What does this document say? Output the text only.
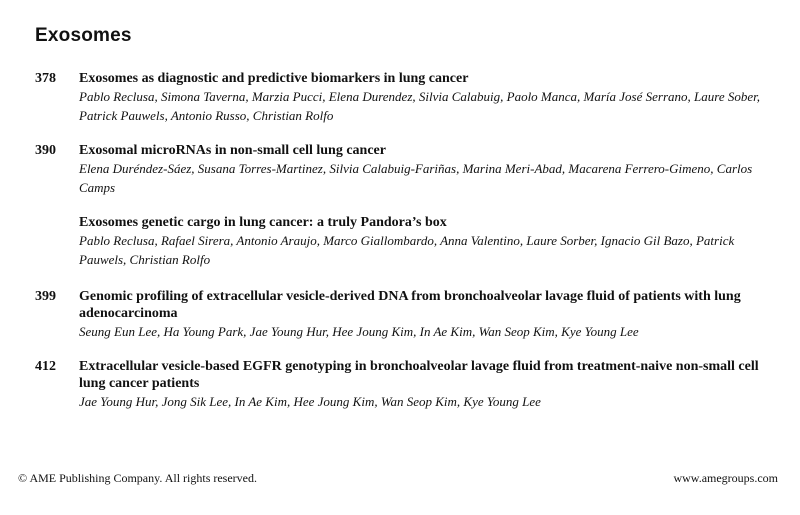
Exosomes
378	Exosomes as diagnostic and predictive biomarkers in lung cancer
Pablo Reclusa, Simona Taverna, Marzia Pucci, Elena Durendez, Silvia Calabuig, Paolo Manca, María José Serrano, Laure Sober, Patrick Pauwels, Antonio Russo, Christian Rolfo
390	Exosomal microRNAs in non-small cell lung cancer
Elena Duréndez-Sáez, Susana Torres-Martinez, Silvia Calabuig-Fariñas, Marina Meri-Abad, Macarena Ferrero-Gimeno, Carlos Camps
Exosomes genetic cargo in lung cancer: a truly Pandora’s box
Pablo Reclusa, Rafael Sirera, Antonio Araujo, Marco Giallombardo, Anna Valentino, Laure Sorber, Ignacio Gil Bazo, Patrick Pauwels, Christian Rolfo
399	Genomic profiling of extracellular vesicle-derived DNA from bronchoalveolar lavage fluid of patients with lung adenocarcinoma
Seung Eun Lee, Ha Young Park, Jae Young Hur, Hee Joung Kim, In Ae Kim, Wan Seop Kim, Kye Young Lee
412	Extracellular vesicle-based EGFR genotyping in bronchoalveolar lavage fluid from treatment-naive non-small cell lung cancer patients
Jae Young Hur, Jong Sik Lee, In Ae Kim, Hee Joung Kim, Wan Seop Kim, Kye Young Lee
© AME Publishing Company. All rights reserved.	www.amegroups.com
